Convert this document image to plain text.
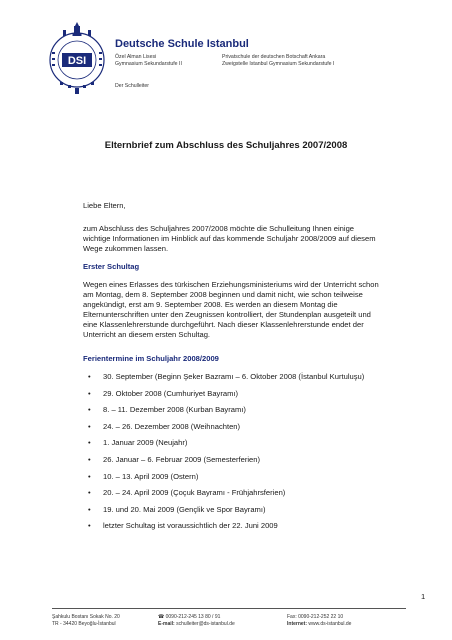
DSI
Deutsche Schule Istanbul
Özel Alman Lisesi
Gymnasium Sekundarstufe II
Privatschule der deutschen Botschaft Ankara
Zweigstelle Istanbul Gymnasium Sekundarstufe I
Der Schulleiter
Elternbrief zum Abschluss des Schuljahres 2007/2008
Liebe Eltern,
zum Abschluss des Schuljahres 2007/2008 möchte die Schulleitung Ihnen einige wichtige Informationen im Hinblick auf das kommende Schuljahr 2008/2009 auf diesem Wege zukommen lassen.
Erster Schultag
Wegen eines Erlasses des türkischen Erziehungsministeriums wird der Unterricht schon am Montag, dem 8. September 2008 beginnen und damit nicht, wie schon teilweise angekündigt, erst am 9. September 2008. Es werden an diesem Montag die Elternunterschriften unter den Zeugnissen kontrolliert, der Stundenplan ausgeteilt und eine Klassenlehrerstunde durchgeführt. Nach dieser Klassenlehrerstunde endet der Unterricht an diesem ersten Schultag.
Ferientermine im Schuljahr 2008/2009
• 30. September (Beginn Şeker Bazramı – 6. Oktober 2008 (İstanbul Kurtuluşu)
• 29. Oktober 2008 (Cumhuriyet Bayramı)
• 8. – 11. Dezember 2008 (Kurban Bayramı)
• 24. – 26. Dezember 2008 (Weihnachten)
• 1. Januar 2009 (Neujahr)
• 26. Januar – 6. Februar 2009 (Semesterferien)
• 10. – 13. April 2009 (Ostern)
• 20. – 24. April 2009 (Çoçuk Bayramı - Frühjahrsferien)
• 19. und 20. Mai 2009 (Gençlik ve Spor Bayramı)
• letzter Schultag ist voraussichtlich der 22. Juni 2009
1
Şahkulu Bostanı Sokak No. 20
TR - 34420 Beyoğlu-İstanbul
☎ 0090-212-245 13 80 / 91
E-mail: schulleiter@ds-istanbul.de
Fax: 0090-212-252 22 10
Internet: www.ds-istanbul.de
